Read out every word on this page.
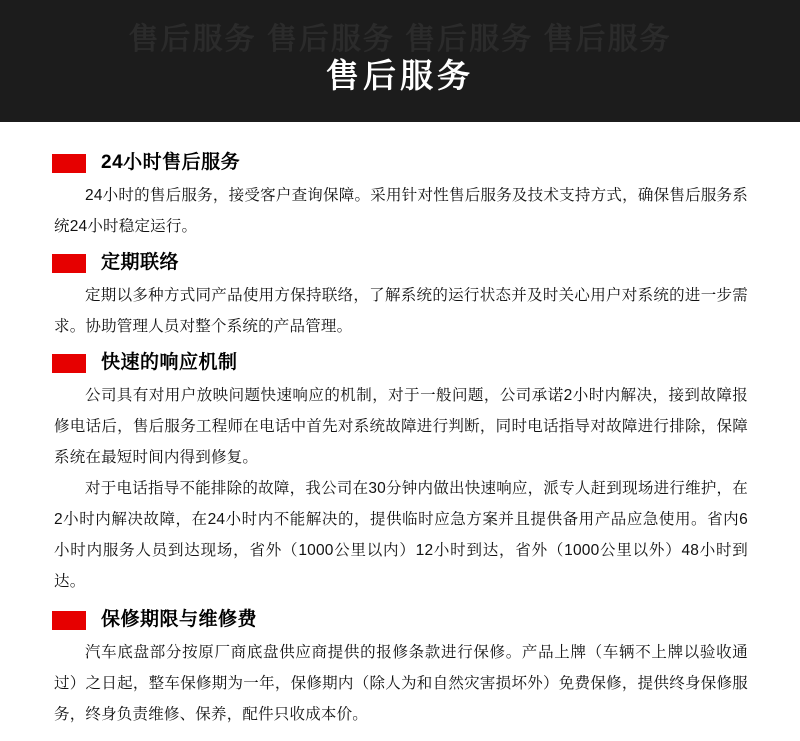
售后服务 售后服务 售后服务 售后服务
售后服务
24小时售后服务

24小时的售后服务，接受客户查询保障。采用针对性售后服务及技术支持方式，确保售后服务系统24小时稳定运行。

定期联络

定期以多种方式同产品使用方保持联络，了解系统的运行状态并及时关心用户对系统的进一步需求。协助管理人员对整个系统的产品管理。

快速的响应机制

公司具有对用户放映问题快速响应的机制，对于一般问题，公司承诺2小时内解决，接到故障报修电话后，售后服务工程师在电话中首先对系统故障进行判断，同时电话指导对故障进行排除，保障系统在最短时间内得到修复。

对于电话指导不能排除的故障，我公司在30分钟内做出快速响应，派专人赶到现场进行维护，在2小时内解决故障，在24小时内不能解决的，提供临时应急方案并且提供备用产品应急使用。省内6小时内服务人员到达现场，省外（1000公里以内）12小时到达，省外（1000公里以外）48小时到达。

保修期限与维修费

汽车底盘部分按原厂商底盘供应商提供的报修条款进行保修。产品上牌（车辆不上牌以验收通过）之日起，整车保修期为一年，保修期内（除人为和自然灾害损坏外）免费保修，提供终身保修服务，终身负责维修、保养，配件只收成本价。
